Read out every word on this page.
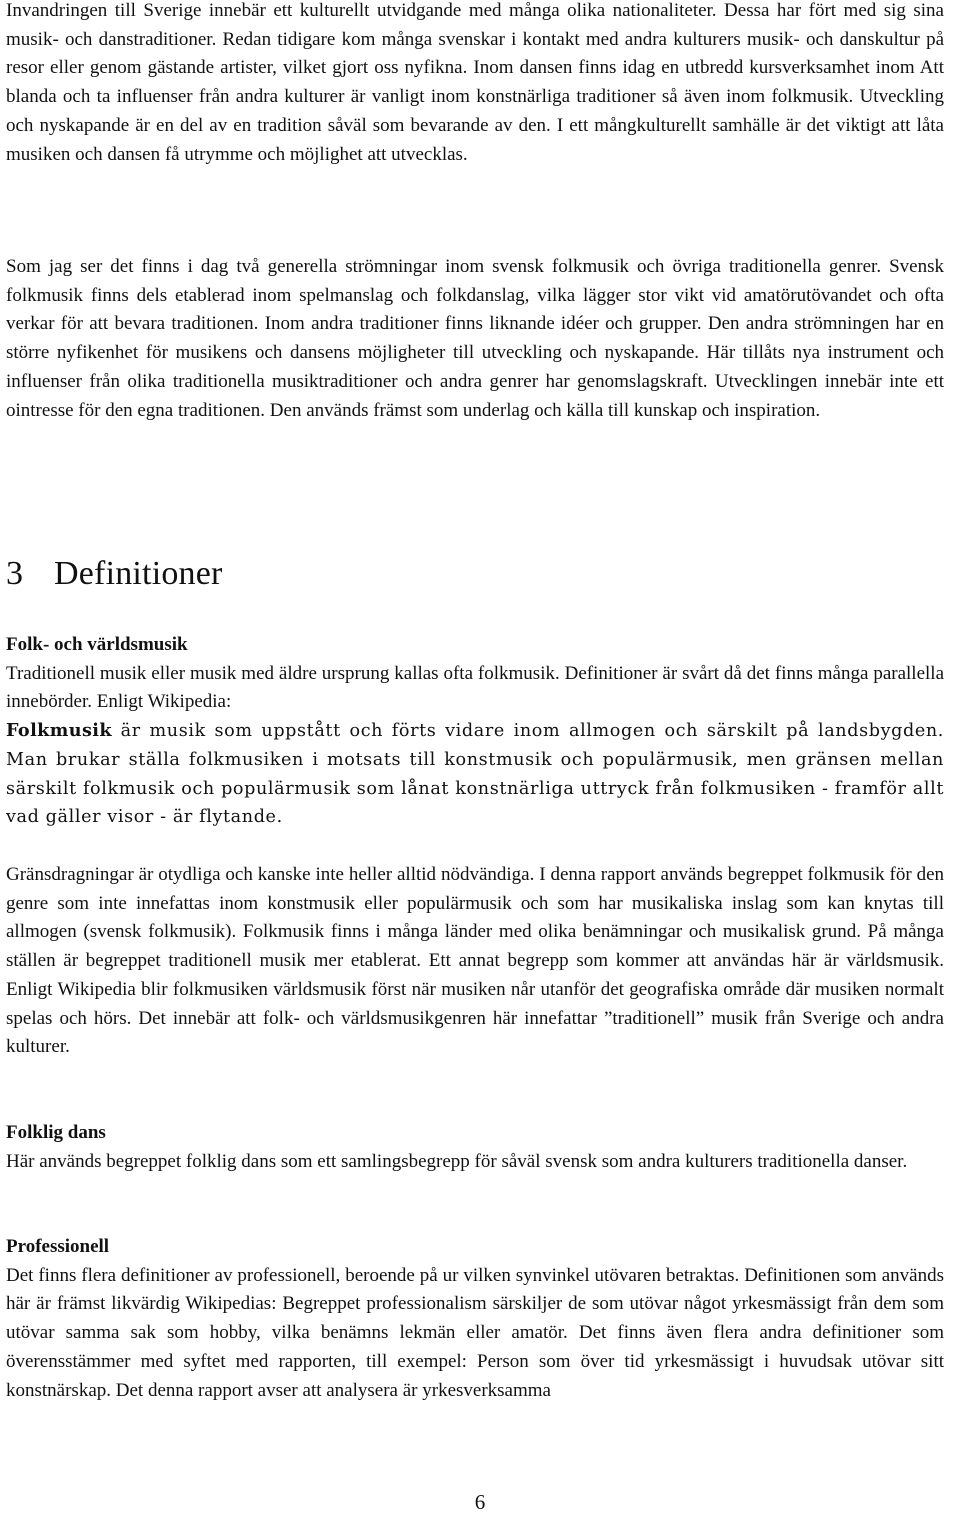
Invandringen till Sverige innebär ett kulturellt utvidgande med många olika nationaliteter. Dessa har fört med sig sina musik- och danstraditioner. Redan tidigare kom många svenskar i kontakt med andra kulturers musik- och danskultur på resor eller genom gästande artister, vilket gjort oss nyfikna. Inom dansen finns idag en utbredd kursverksamhet inom Att blanda och ta influenser från andra kulturer är vanligt inom konstnärliga traditioner så även inom folkmusik. Utveckling och nyskapande är en del av en tradition såväl som bevarande av den. I ett mångkulturellt samhälle är det viktigt att låta musiken och dansen få utrymme och möjlighet att utvecklas.

Som jag ser det finns i dag två generella strömningar inom svensk folkmusik och övriga traditionella genrer. Svensk folkmusik finns dels etablerad inom spelmanslag och folkdanslag, vilka lägger stor vikt vid amatörutövandet och ofta verkar för att bevara traditionen. Inom andra traditioner finns liknande idéer och grupper. Den andra strömningen har en större nyfikenhet för musikens och dansens möjligheter till utveckling och nyskapande. Här tillåts nya instrument och influenser från olika traditionella musiktraditioner och andra genrer har genomslagskraft. Utvecklingen innebär inte ett ointresse för den egna traditionen. Den används främst som underlag och källa till kunskap och inspiration.

3 Definitioner

Folk- och världsmusik
Traditionell musik eller musik med äldre ursprung kallas ofta folkmusik. Definitioner är svårt då det finns många parallella innebörder. Enligt Wikipedia:

Folkmusik är musik som uppstått och förts vidare inom allmogen och särskilt på landsbygden. Man brukar ställa folkmusiken i motsats till konstmusik och populärmusik, men gränsen mellan särskilt folkmusik och populärmusik som lånat konstnärliga uttryck från folkmusiken - framför allt vad gäller visor - är flytande.

Gränsdragningar är otydliga och kanske inte heller alltid nödvändiga. I denna rapport används begreppet folkmusik för den genre som inte innefattas inom konstmusik eller populärmusik och som har musikaliska inslag som kan knytas till allmogen (svensk folkmusik). Folkmusik finns i många länder med olika benämningar och musikalisk grund. På många ställen är begreppet traditionell musik mer etablerat. Ett annat begrepp som kommer att användas här är världsmusik. Enligt Wikipedia blir folkmusiken världsmusik först när musiken når utanför det geografiska område där musiken normalt spelas och hörs. Det innebär att folk- och världsmusikgenren här innefattar ”traditionell” musik från Sverige och andra kulturer.

Folklig dans
Här används begreppet folklig dans som ett samlingsbegrepp för såväl svensk som andra kulturers traditionella danser.

Professionell
Det finns flera definitioner av professionell, beroende på ur vilken synvinkel utövaren betraktas. Definitionen som används här är främst likvärdig Wikipedias: Begreppet professionalism särskiljer de som utövar något yrkesmässigt från dem som utövar samma sak som hobby, vilka benämns lekmän eller amatör. Det finns även flera andra definitioner som överensstämmer med syftet med rapporten, till exempel: Person som över tid yrkesmässigt i huvudsak utövar sitt konstnärskap. Det denna rapport avser att analysera är yrkesverksamma

6
